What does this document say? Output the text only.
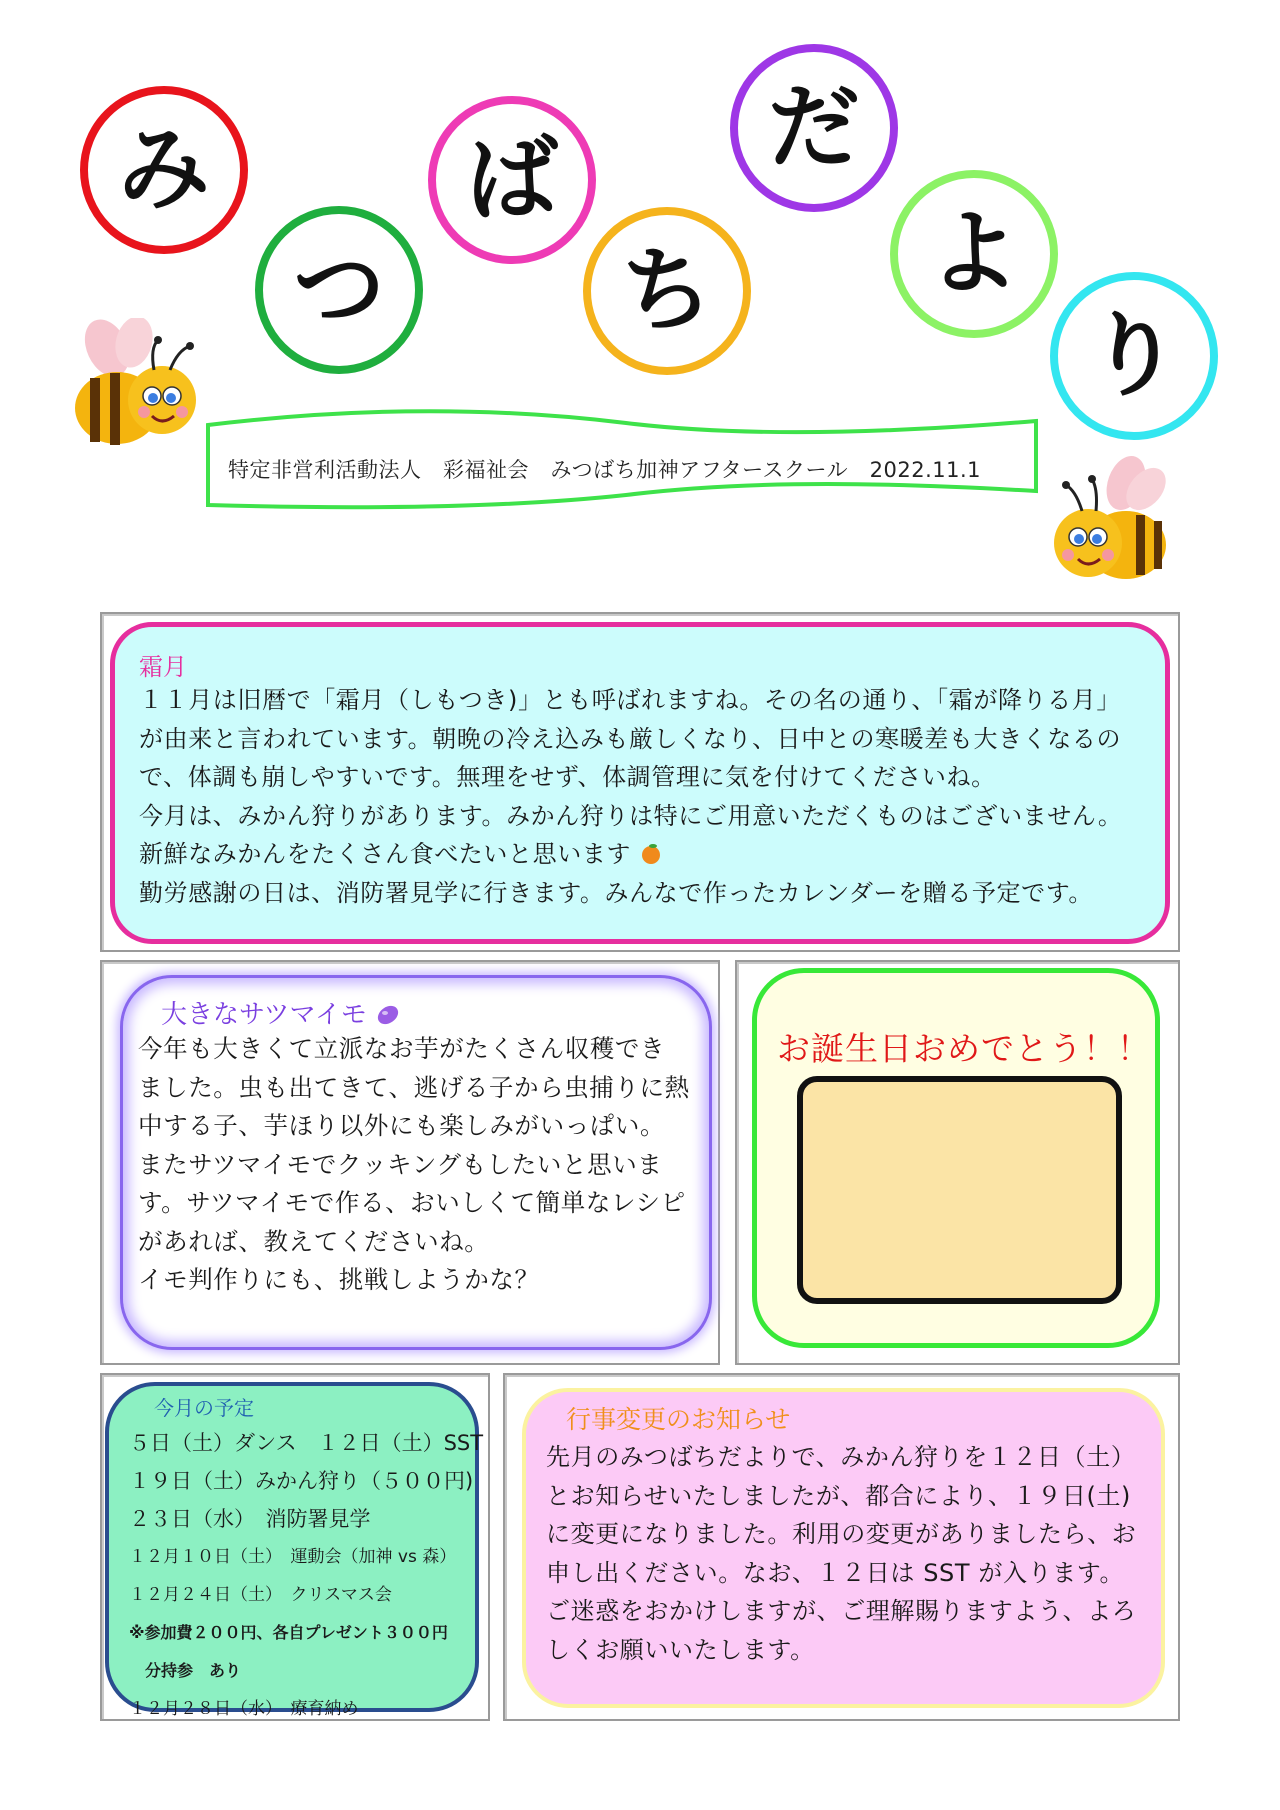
み
つ
ば
ち
だ
よ
り
特定非営利活動法人　彩福祉会　みつばち加神アフタースクール　2022.11.1
霜月
１１月は旧暦で「霜月（しもつき)」とも呼ばれますね。その名の通り、「霜が降りる月」
が由来と言われています。朝晩の冷え込みも厳しくなり、日中との寒暖差も大きくなるの
で、体調も崩しやすいです。無理をせず、体調管理に気を付けてくださいね。
今月は、みかん狩りがあります。みかん狩りは特にご用意いただくものはございません。
新鮮なみかんをたくさん食べたいと思います
勤労感謝の日は、消防署見学に行きます。みんなで作ったカレンダーを贈る予定です。
大きなサツマイモ
今年も大きくて立派なお芋がたくさん収穫でき
ました。虫も出てきて、逃げる子から虫捕りに熱
中する子、芋ほり以外にも楽しみがいっぱい。
またサツマイモでクッキングもしたいと思いま
す。サツマイモで作る、おいしくて簡単なレシピ
があれば、教えてくださいね。
イモ判作りにも、挑戦しようかな？
お誕生日おめでとう！！
今月の予定
５日（土）ダンス　１２日（土）SST
１９日（土）みかん狩り（５００円)
２３日（水）　消防署見学
１２月１０日（土）　運動会（加神 vs 森）
１２月２４日（土）　クリスマス会
※参加費２００円、各自プレゼント３００円
　分持参　あり
１２月２８日（水）　療育納め
行事変更のお知らせ
先月のみつばちだよりで、みかん狩りを１２日（土）
とお知らせいたしましたが、都合により、１９日(土)
に変更になりました。利用の変更がありましたら、お
申し出ください。なお、１２日は SST が入ります。
ご迷惑をおかけしますが、ご理解賜りますよう、よろ
しくお願いいたします。
